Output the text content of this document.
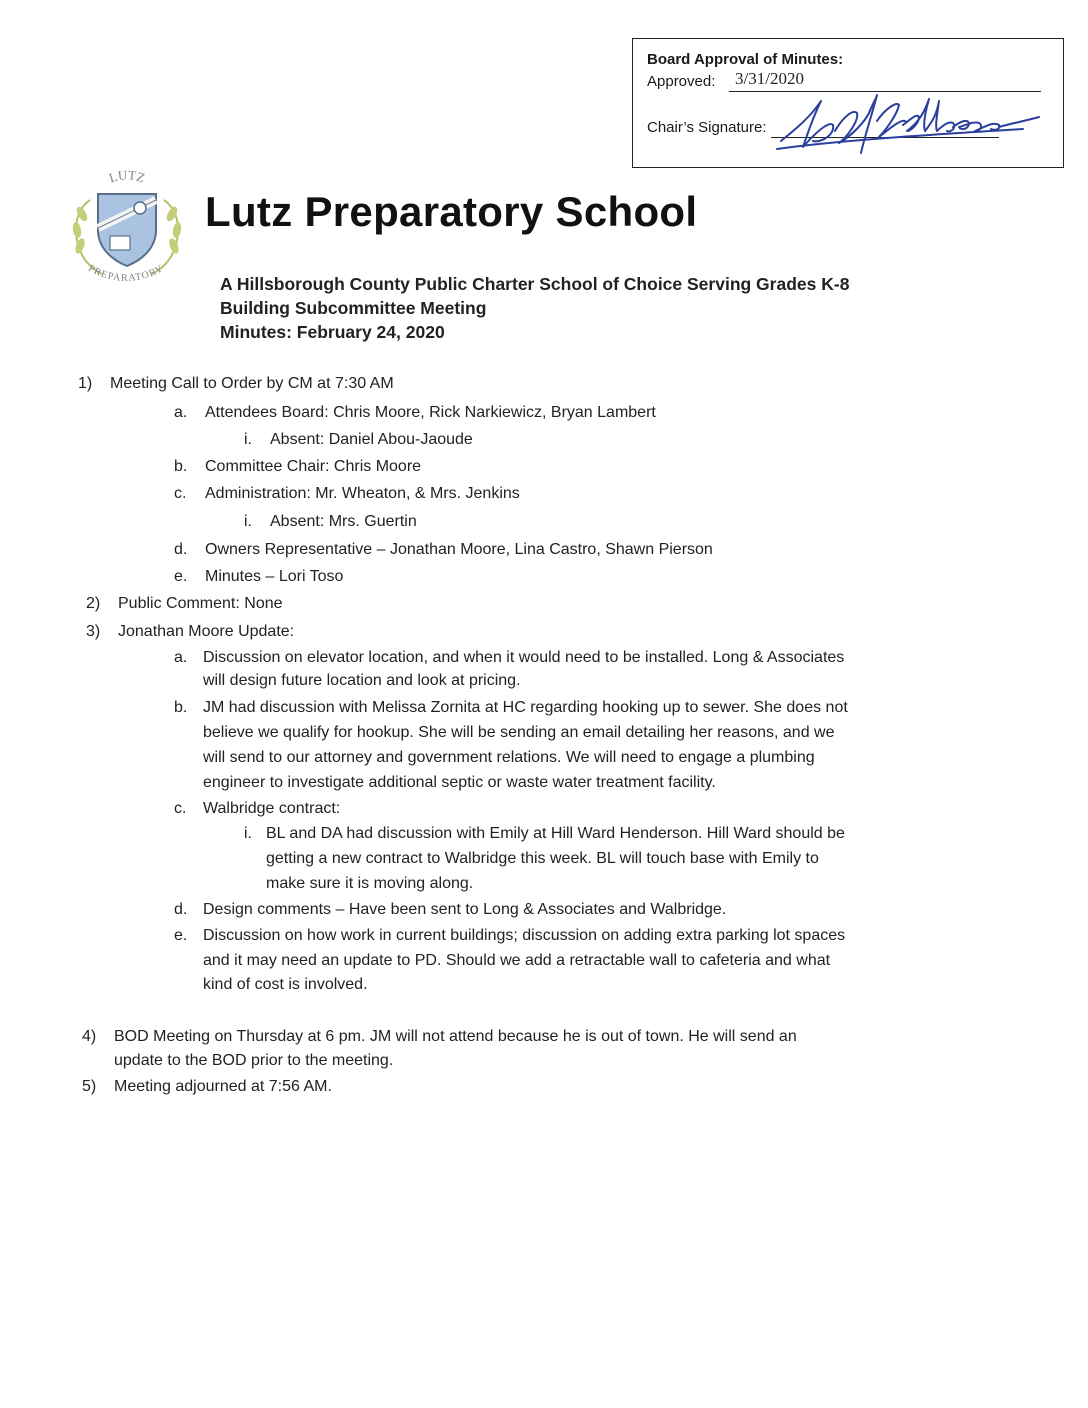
Board Approval of Minutes:
Approved: 3/31/2020
Chair’s Signature:
LUTZ
PREPARATORY
Lutz Preparatory School
A Hillsborough County Public Charter School of Choice Serving Grades K-8
Building Subcommittee Meeting
Minutes: February 24, 2020
1) Meeting Call to Order by CM at 7:30 AM
a. Attendees Board: Chris Moore, Rick Narkiewicz, Bryan Lambert
i. Absent: Daniel Abou-Jaoude
b. Committee Chair: Chris Moore
c. Administration: Mr. Wheaton, & Mrs. Jenkins
i. Absent: Mrs. Guertin
d. Owners Representative – Jonathan Moore, Lina Castro, Shawn Pierson
e. Minutes – Lori Toso
2) Public Comment: None
3) Jonathan Moore Update:
a. Discussion on elevator location, and when it would need to be installed. Long & Associates
will design future location and look at pricing.
b. JM had discussion with Melissa Zornita at HC regarding hooking up to sewer. She does not
believe we qualify for hookup. She will be sending an email detailing her reasons, and we
will send to our attorney and government relations. We will need to engage a plumbing
engineer to investigate additional septic or waste water treatment facility.
c. Walbridge contract:
i. BL and DA had discussion with Emily at Hill Ward Henderson. Hill Ward should be
getting a new contract to Walbridge this week. BL will touch base with Emily to
make sure it is moving along.
d. Design comments – Have been sent to Long & Associates and Walbridge.
e. Discussion on how work in current buildings; discussion on adding extra parking lot spaces
and it may need an update to PD. Should we add a retractable wall to cafeteria and what
kind of cost is involved.
4) BOD Meeting on Thursday at 6 pm. JM will not attend because he is out of town. He will send an
update to the BOD prior to the meeting.
5) Meeting adjourned at 7:56 AM.
